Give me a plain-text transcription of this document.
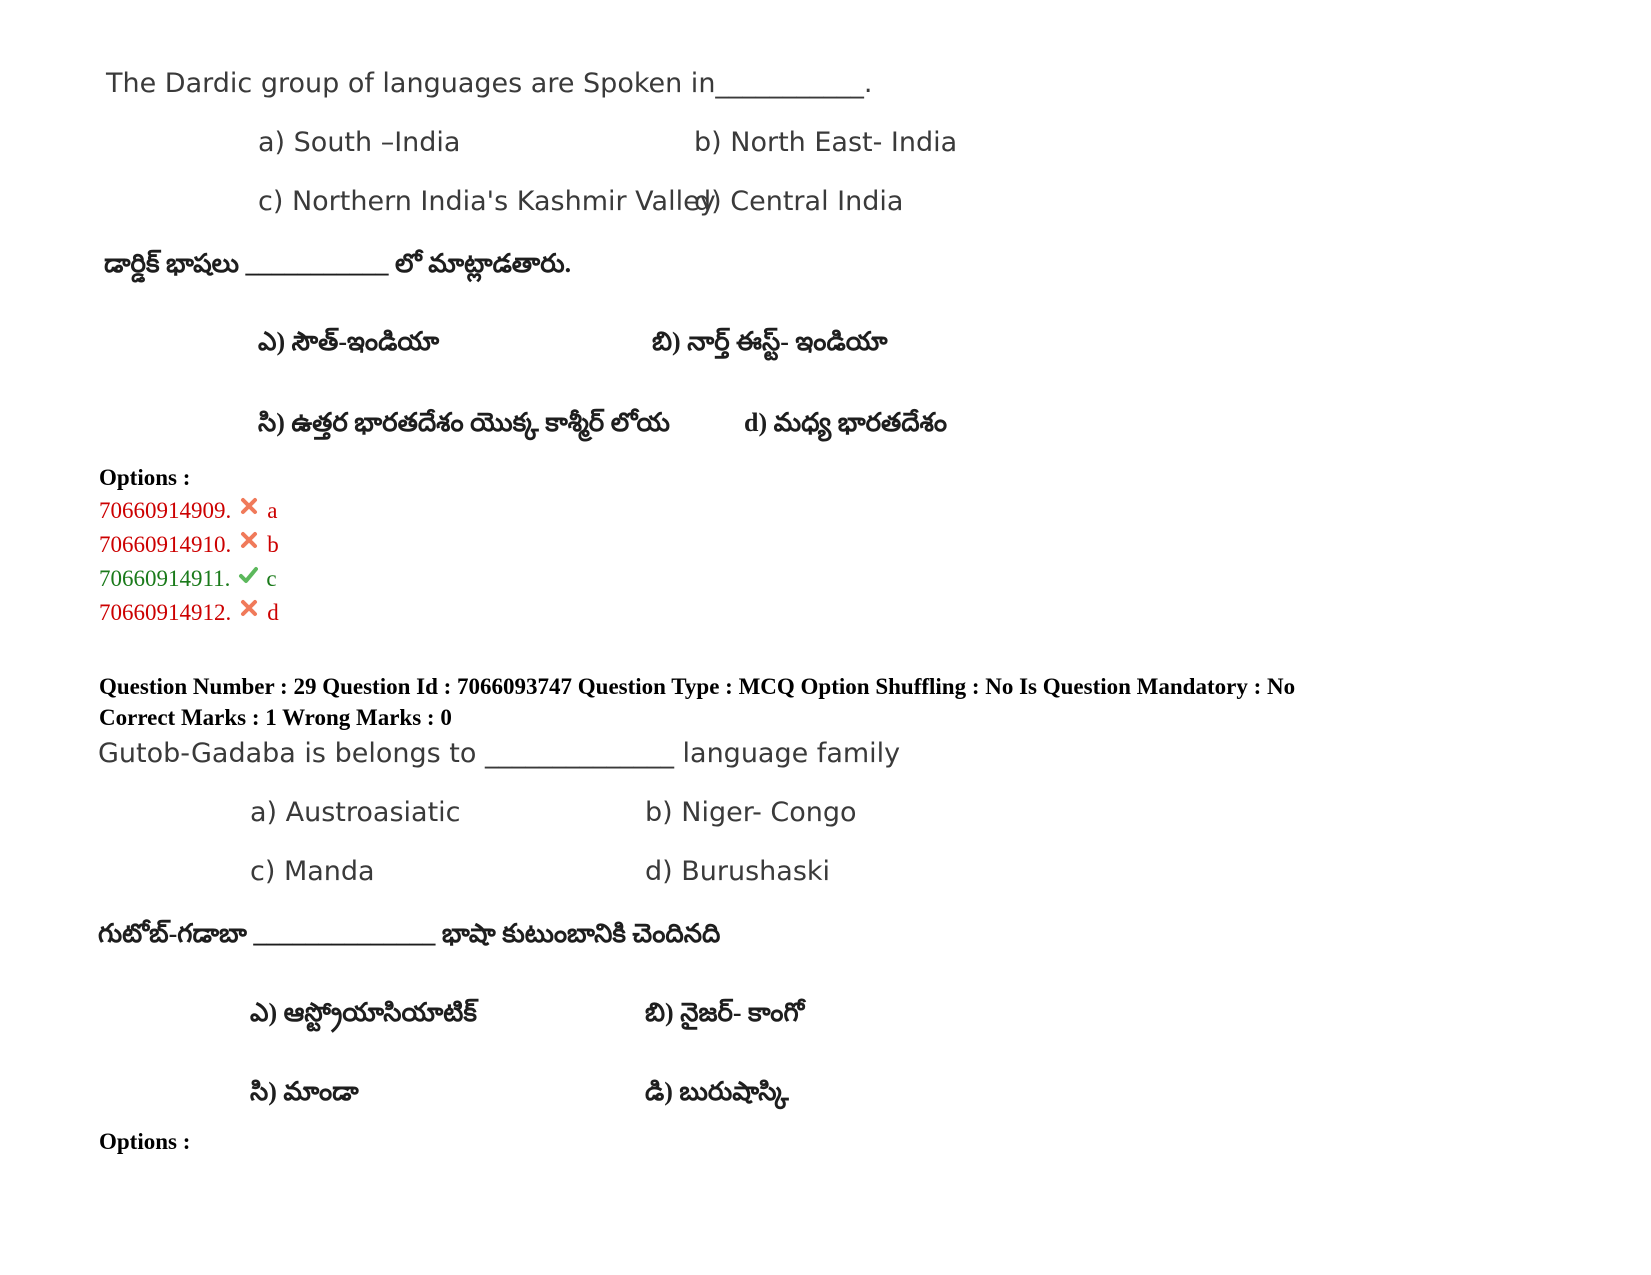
The Dardic group of languages are Spoken in___________.
a) South –India	b) North East- India
c) Northern India's Kashmir Valley
d) Central India
డార్డిక్ భాషలు ___________ లో మాట్లాడతారు.
ఎ) సౌత్-ఇండియా	బి) నార్త్ ఈస్ట్- ఇండియా
సి) ఉత్తర భారతదేశం యొక్క కాశ్మీర్ లోయ	d) మధ్య భారతదేశం
Options :
70660914909. a
70660914910. b
70660914911. c
70660914912. d
Question Number : 29 Question Id : 7066093747 Question Type : MCQ Option Shuffling : No Is Question Mandatory : No
Correct Marks : 1 Wrong Marks : 0
Gutob-Gadaba is belongs to ______________ language family
a) Austroasiatic	b) Niger- Congo
c) Manda	d) Burushaski
గుటోబ్-గడాబా ______________ భాషా కుటుంబానికి చెందినది
ఎ) ఆస్ట్రోయాసియాటిక్	బి) నైజర్- కాంగో
సి) మాండా	డి) బురుషాస్కి
Options :
